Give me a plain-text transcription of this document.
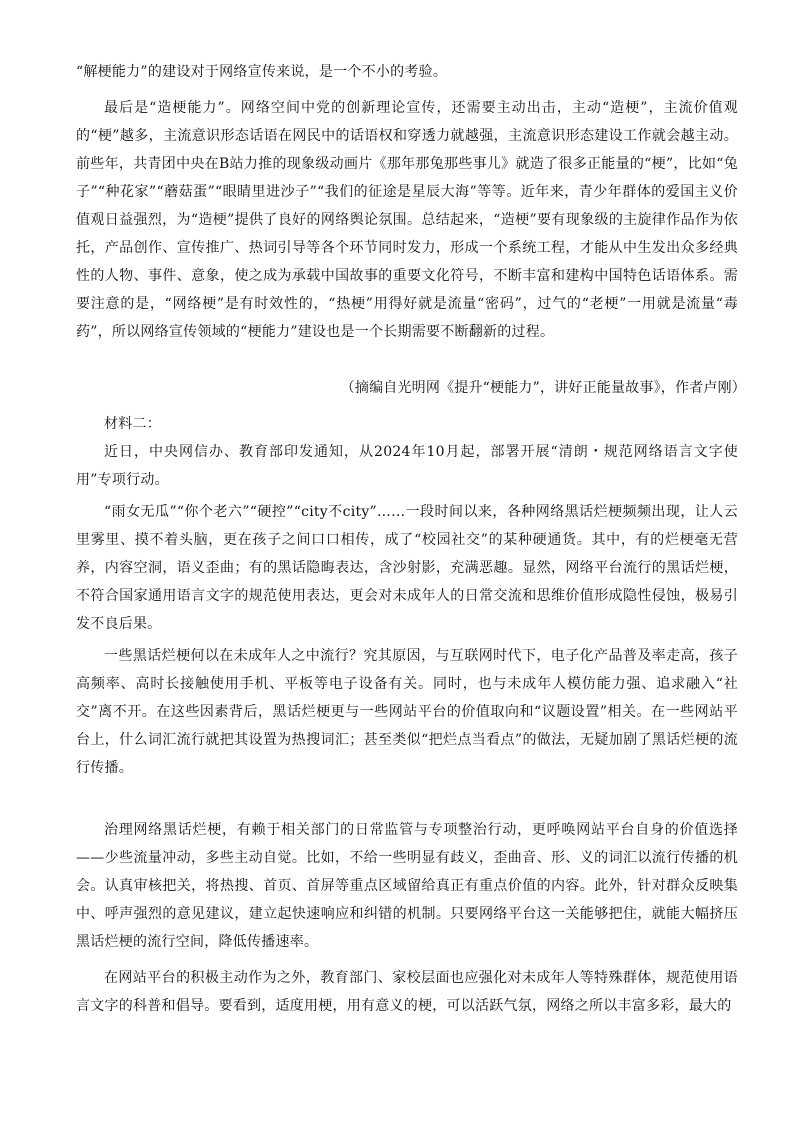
“解梗能力”的建设对于网络宣传来说，是一个不小的考验。

最后是“造梗能力”。网络空间中党的创新理论宣传，还需要主动出击，主动“造梗”，主流价值观的“梗”越多，主流意识形态话语在网民中的话语权和穿透力就越强，主流意识形态建设工作就会越主动。前些年，共青团中央在B站力推的现象级动画片《那年那兔那些事儿》就造了很多正能量的“梗”，比如“兔子”“种花家”“蘑菇蛋”“眼睛里进沙子”“我们的征途是星辰大海”等等。近年来，青少年群体的爱国主义价值观日益强烈，为“造梗”提供了良好的网络舆论氛围。总结起来，“造梗”要有现象级的主旋律作品作为依托，产品创作、宣传推广、热词引导等各个环节同时发力，形成一个系统工程，才能从中生发出众多经典性的人物、事件、意象，使之成为承载中国故事的重要文化符号，不断丰富和建构中国特色话语体系。需要注意的是，“网络梗”是有时效性的，“热梗”用得好就是流量“密码”，过气的“老梗”一用就是流量“毒药”，所以网络宣传领域的“梗能力”建设也是一个长期需要不断翻新的过程。

（摘编自光明网《提升“梗能力”，讲好正能量故事》，作者卢刚）

材料二：

近日，中央网信办、教育部印发通知，从2024年10月起，部署开展“清朗・规范网络语言文字使用”专项行动。

“雨女无瓜”“你个老六”“硬控”“city不city”……一段时间以来，各种网络黑话烂梗频频出现，让人云里雾里、摸不着头脑，更在孩子之间口口相传，成了“校园社交”的某种硬通货。其中，有的烂梗毫无营养，内容空洞，语义歪曲；有的黑话隐晦表达，含沙射影，充满恶趣。显然，网络平台流行的黑话烂梗，不符合国家通用语言文字的规范使用表达，更会对未成年人的日常交流和思维价值形成隐性侵蚀，极易引发不良后果。

一些黑话烂梗何以在未成年人之中流行？究其原因，与互联网时代下，电子化产品普及率走高，孩子高频率、高时长接触使用手机、平板等电子设备有关。同时，也与未成年人模仿能力强、追求融入“社交”离不开。在这些因素背后，黑话烂梗更与一些网站平台的价值取向和“议题设置”相关。在一些网站平台上，什么词汇流行就把其设置为热搜词汇；甚至类似“把烂点当看点”的做法，无疑加剧了黑话烂梗的流行传播。

治理网络黑话烂梗，有赖于相关部门的日常监管与专项整治行动，更呼唤网站平台自身的价值选择——少些流量冲动，多些主动自觉。比如，不给一些明显有歧义，歪曲音、形、义的词汇以流行传播的机会。认真审核把关，将热搜、首页、首屏等重点区域留给真正有重点价值的内容。此外，针对群众反映集中、呼声强烈的意见建议，建立起快速响应和纠错的机制。只要网络平台这一关能够把住，就能大幅挤压黑话烂梗的流行空间，降低传播速率。

在网站平台的积极主动作为之外，教育部门、家校层面也应强化对未成年人等特殊群体，规范使用语言文字的科普和倡导。要看到，适度用梗，用有意义的梗，可以活跃气氛，网络之所以丰富多彩，最大的
